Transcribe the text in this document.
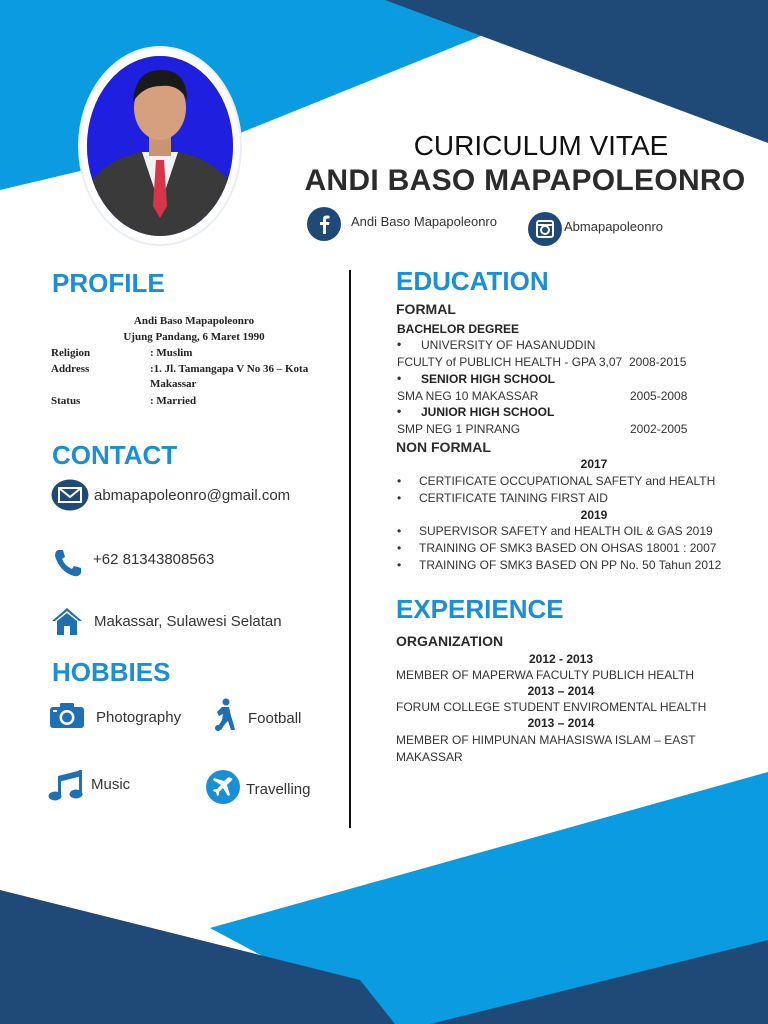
CURICULUM VITAE
ANDI BASO MAPAPOLEONRO
Andi Baso Mapapoleonro	Abmapapoleonro
PROFILE
Andi Baso Mapapoleonro
Ujung Pandang, 6 Maret 1990
Religion	: Muslim
Address	:1. Jl. Tamangapa V No 36 – Kota
Makassar
Status	: Married
CONTACT
abmapapoleonro@gmail.com
+62 81343808563
Makassar, Sulawesi Selatan
HOBBIES
Photography	Football
Music	Travelling
EDUCATION
FORMAL
BACHELOR DEGREE
• UNIVERSITY OF HASANUDDIN
FCULTY of PUBLICH HEALTH - GPA 3,07 2008-2015
• SENIOR HIGH SCHOOL
SMA NEG 10 MAKASSAR	2005-2008
• JUNIOR HIGH SCHOOL
SMP NEG 1 PINRANG	2002-2005
NON FORMAL
2017
• CERTIFICATE OCCUPATIONAL SAFETY and HEALTH
• CERTIFICATE TAINING FIRST AID
2019
• SUPERVISOR SAFETY and HEALTH OIL & GAS 2019
• TRAINING OF SMK3 BASED ON OHSAS 18001 : 2007
• TRAINING OF SMK3 BASED ON PP No. 50 Tahun 2012
EXPERIENCE
ORGANIZATION
2012 - 2013
MEMBER OF MAPERWA FACULTY PUBLICH HEALTH
2013 – 2014
FORUM COLLEGE STUDENT ENVIROMENTAL HEALTH
2013 – 2014
MEMBER OF HIMPUNAN MAHASISWA ISLAM – EAST
MAKASSAR
